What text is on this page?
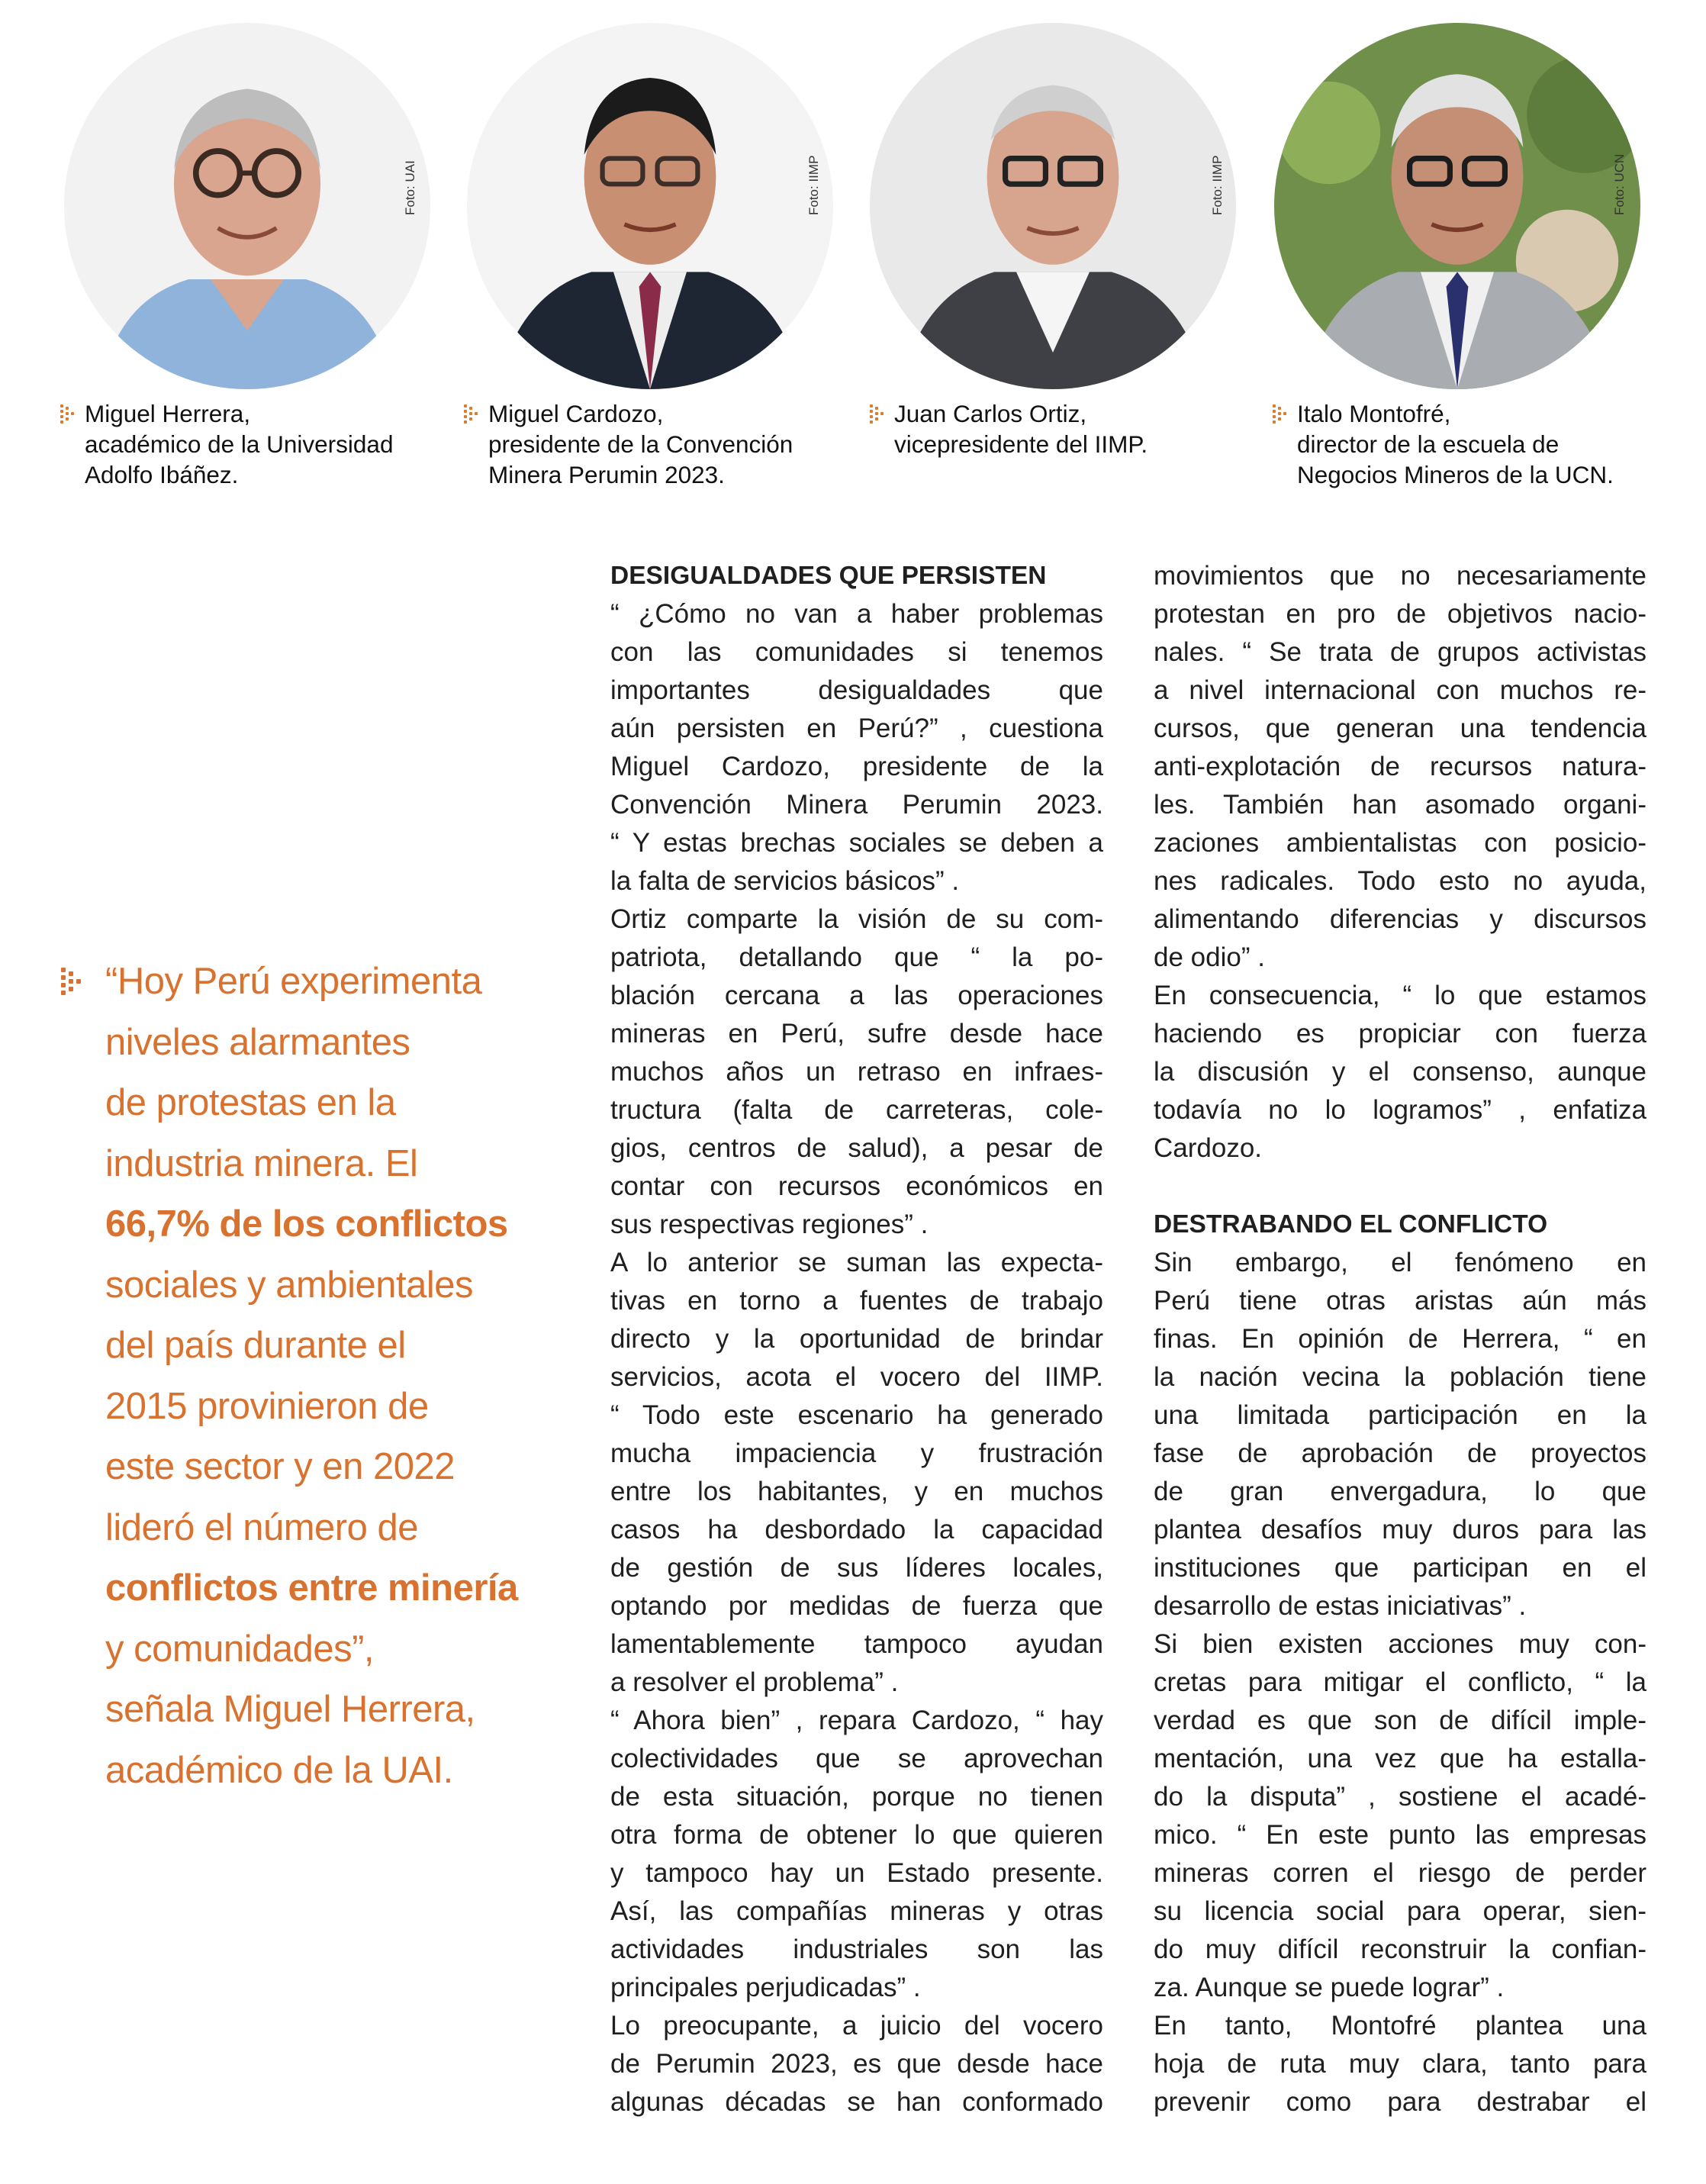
Miguel Herrera,
académico de la Universidad
Adolfo Ibáñez.
Miguel Cardozo,
presidente de la Convención
Minera Perumin 2023.
Juan Carlos Ortiz,
vicepresidente del IIMP.
Italo Montofré,
director de la escuela de
Negocios Mineros de la UCN.
“Hoy Perú experimenta
niveles alarmantes
de protestas en la
industria minera. El
66,7% de los conflictos
sociales y ambientales
del país durante el
2015 provinieron de
este sector y en 2022
lideró el número de
conflictos entre minería
y comunidades”,
señala Miguel Herrera,
académico de la UAI.
DESIGUALDADES QUE PERSISTEN
“ ¿Cómo no van a haber problemas
con las comunidades si tenemos
importantes desigualdades que
aún persisten en Perú?” , cuestiona
Miguel Cardozo, presidente de la
Convención Minera Perumin 2023.
“ Y estas brechas sociales se deben a
la falta de servicios básicos” .
Ortiz comparte la visión de su com-
patriota, detallando que “ la po-
blación cercana a las operaciones
mineras en Perú, sufre desde hace
muchos años un retraso en infraes-
tructura (falta de carreteras, cole-
gios, centros de salud), a pesar de
contar con recursos económicos en
sus respectivas regiones” .
A lo anterior se suman las expecta-
tivas en torno a fuentes de trabajo
directo y la oportunidad de brindar
servicios, acota el vocero del IIMP.
“ Todo este escenario ha generado
mucha impaciencia y frustración
entre los habitantes, y en muchos
casos ha desbordado la capacidad
de gestión de sus líderes locales,
optando por medidas de fuerza que
lamentablemente tampoco ayudan
a resolver el problema” .
“ Ahora bien” , repara Cardozo, “ hay
colectividades que se aprovechan
de esta situación, porque no tienen
otra forma de obtener lo que quieren
y tampoco hay un Estado presente.
Así, las compañías mineras y otras
actividades industriales son las
principales perjudicadas” .
Lo preocupante, a juicio del vocero
de Perumin 2023, es que desde hace
algunas décadas se han conformado
movimientos que no necesariamente
protestan en pro de objetivos nacio-
nales. “ Se trata de grupos activistas
a nivel internacional con muchos re-
cursos, que generan una tendencia
anti-explotación de recursos natura-
les. También han asomado organi-
zaciones ambientalistas con posicio-
nes radicales. Todo esto no ayuda,
alimentando diferencias y discursos
de odio” .
En consecuencia, “ lo que estamos
haciendo es propiciar con fuerza
la discusión y el consenso, aunque
todavía no lo logramos” , enfatiza
Cardozo.
DESTRABANDO EL CONFLICTO
Sin embargo, el fenómeno en
Perú tiene otras aristas aún más
finas. En opinión de Herrera, “ en
la nación vecina la población tiene
una limitada participación en la
fase de aprobación de proyectos
de gran envergadura, lo que
plantea desafíos muy duros para las
instituciones que participan en el
desarrollo de estas iniciativas” .
Si bien existen acciones muy con-
cretas para mitigar el conflicto, “ la
verdad es que son de difícil imple-
mentación, una vez que ha estalla-
do la disputa” , sostiene el acadé-
mico. “ En este punto las empresas
mineras corren el riesgo de perder
su licencia social para operar, sien-
do muy difícil reconstruir la confian-
za. Aunque se puede lograr” .
En tanto, Montofré plantea una
hoja de ruta muy clara, tanto para
prevenir como para destrabar el
